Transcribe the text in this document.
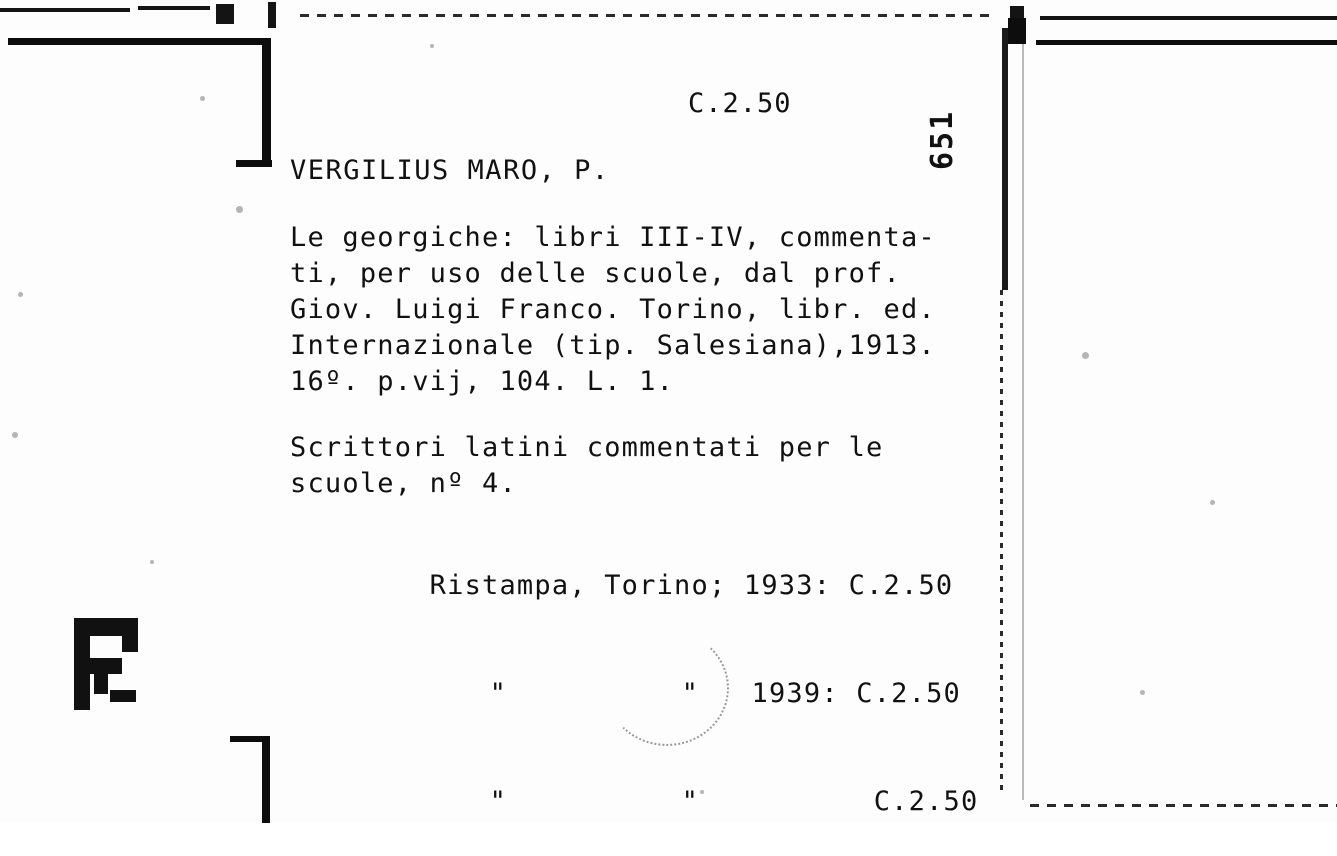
C.2.50
VERGILIUS MARO, P.
Le georgiche: libri III-IV, commenta-
ti, per uso delle scuole, dal prof.
Giov. Luigi Franco. Torino, libr. ed.
Internazionale (tip. Salesiana),1913.
16º. p.vij, 104. L. 1.
Scrittori latini commentati per le
scuole, nº 4.

Ristampa, Torino; 1933: C.2.50

"          " 1939: C.2.50

"          "	C.2.50

651
